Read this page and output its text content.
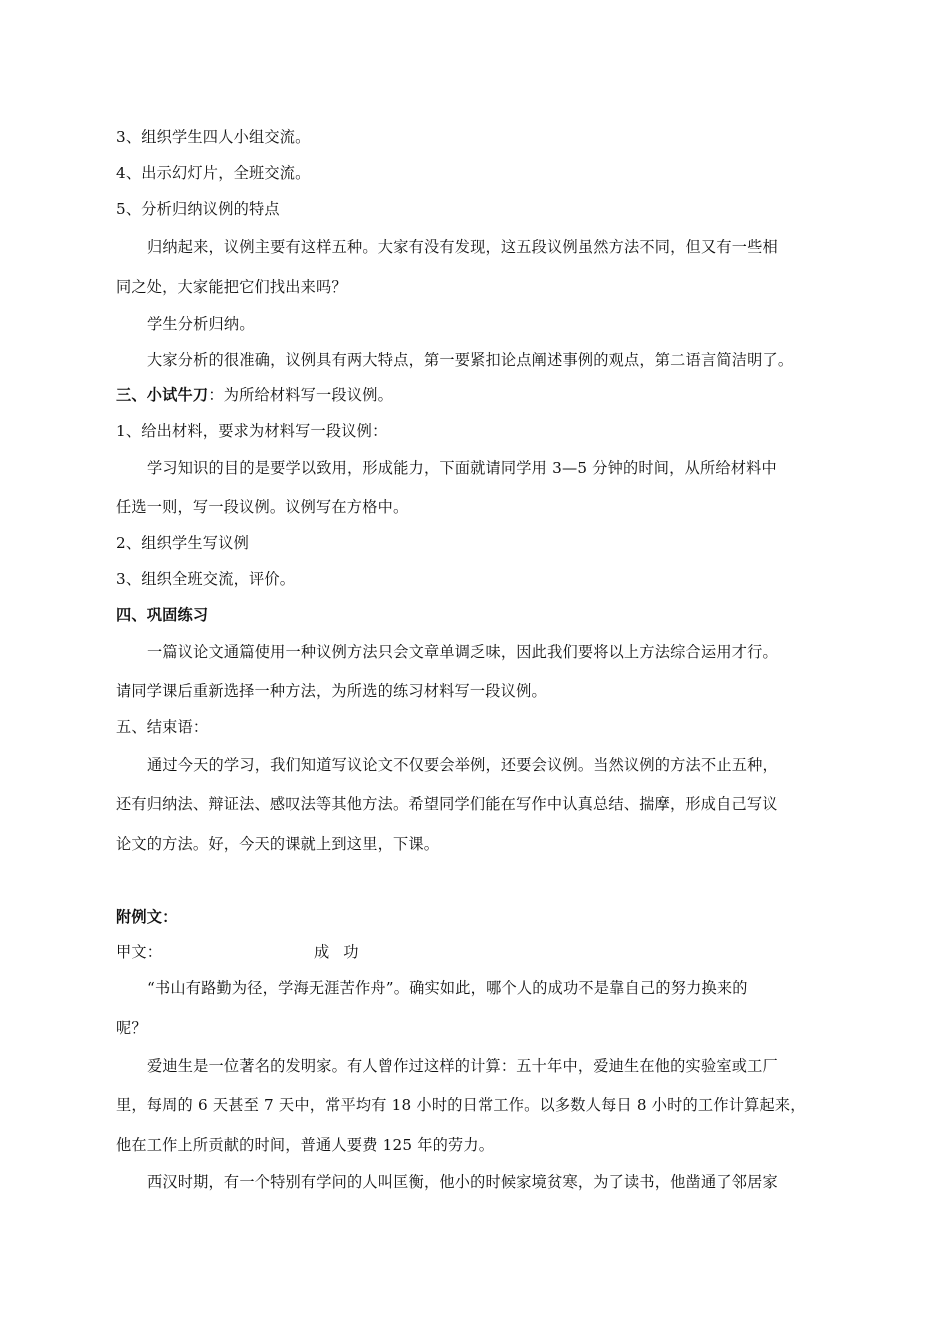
3、组织学生四人小组交流。
4、出示幻灯片，全班交流。
5、分析归纳议例的特点
归纳起来，议例主要有这样五种。大家有没有发现，这五段议例虽然方法不同，但又有一些相
同之处，大家能把它们找出来吗？
学生分析归纳。
大家分析的很准确，议例具有两大特点，第一要紧扣论点阐述事例的观点，第二语言简洁明了。
三、小试牛刀：为所给材料写一段议例。
1、给出材料，要求为材料写一段议例：
学习知识的目的是要学以致用，形成能力，下面就请同学用 3—5 分钟的时间，从所给材料中
任选一则，写一段议例。议例写在方格中。
2、组织学生写议例
3、组织全班交流，评价。
四、巩固练习
一篇议论文通篇使用一种议例方法只会文章单调乏味，因此我们要将以上方法综合运用才行。
请同学课后重新选择一种方法，为所选的练习材料写一段议例。
五、结束语：
通过今天的学习，我们知道写议论文不仅要会举例，还要会议例。当然议例的方法不止五种，
还有归纳法、辩证法、感叹法等其他方法。希望同学们能在写作中认真总结、揣摩，形成自己写议
论文的方法。好，今天的课就上到这里，下课。
附例文：
甲文：	成功
“书山有路勤为径，学海无涯苦作舟”。确实如此，哪个人的成功不是靠自己的努力换来的
呢？
爱迪生是一位著名的发明家。有人曾作过这样的计算：五十年中，爱迪生在他的实验室或工厂
里，每周的 6 天甚至 7 天中，常平均有 18 小时的日常工作。以多数人每日 8 小时的工作计算起来，
他在工作上所贡献的时间，普通人要费 125 年的劳力。
西汉时期，有一个特别有学问的人叫匡衡，他小的时候家境贫寒，为了读书，他凿通了邻居家
